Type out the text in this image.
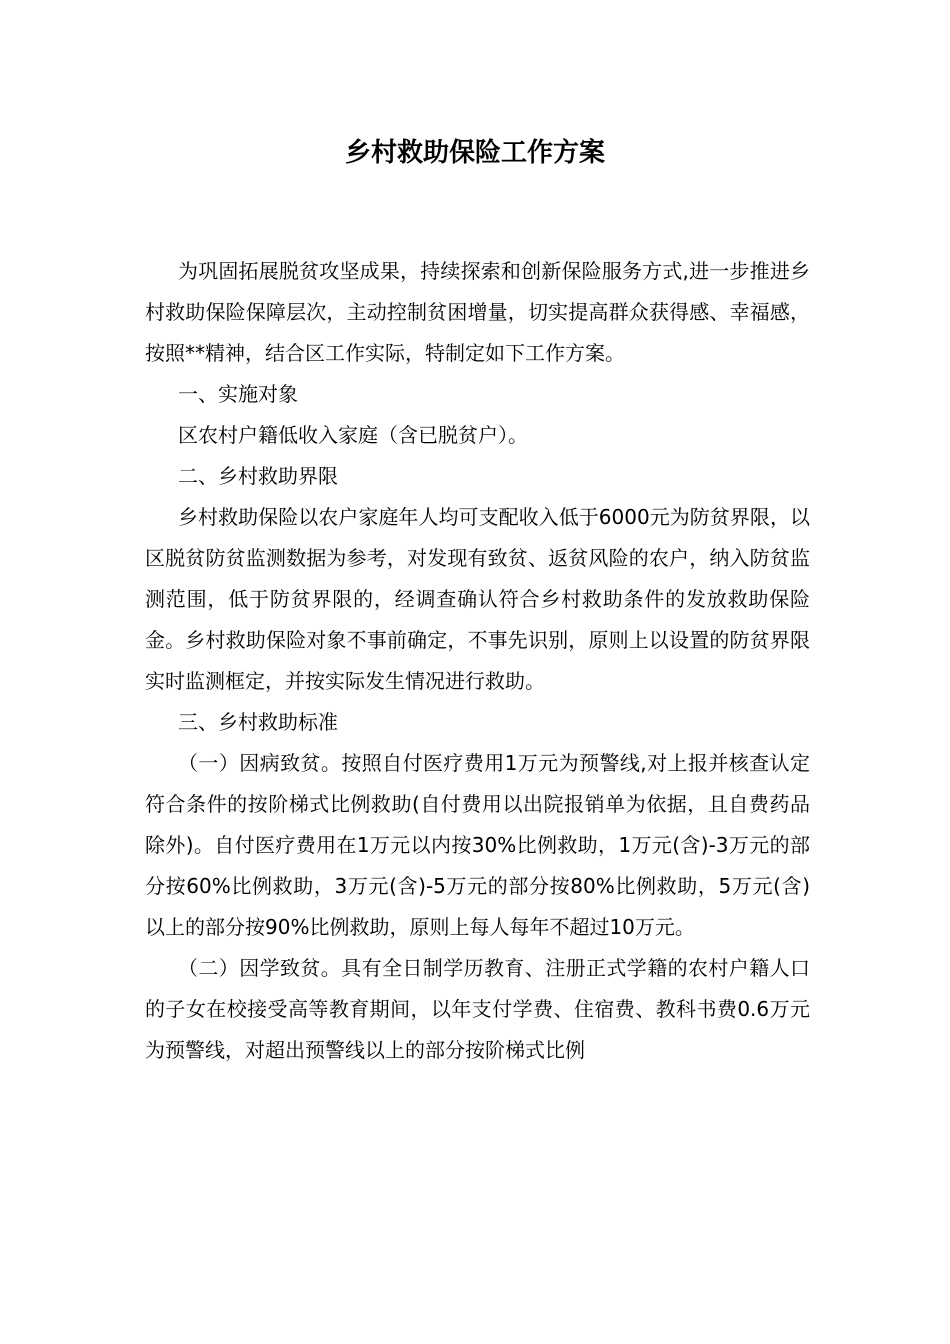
乡村救助保险工作方案

为巩固拓展脱贫攻坚成果，持续探索和创新保险服务方式,进一步推进乡村救助保险保障层次，主动控制贫困增量，切实提高群众获得感、幸福感，按照**精神，结合区工作实际，特制定如下工作方案。

一、实施对象

区农村户籍低收入家庭（含已脱贫户）。

二、乡村救助界限

乡村救助保险以农户家庭年人均可支配收入低于6000元为防贫界限，以区脱贫防贫监测数据为参考，对发现有致贫、返贫风险的农户，纳入防贫监测范围，低于防贫界限的，经调查确认符合乡村救助条件的发放救助保险金。乡村救助保险对象不事前确定，不事先识别，原则上以设置的防贫界限实时监测框定，并按实际发生情况进行救助。

三、乡村救助标准

（一）因病致贫。按照自付医疗费用1万元为预警线,对上报并核查认定符合条件的按阶梯式比例救助(自付费用以出院报销单为依据，且自费药品除外)。自付医疗费用在1万元以内按30%比例救助，1万元(含)-3万元的部分按60%比例救助，3万元(含)-5万元的部分按80%比例救助，5万元(含)以上的部分按90%比例救助，原则上每人每年不超过10万元。

（二）因学致贫。具有全日制学历教育、注册正式学籍的农村户籍人口的子女在校接受高等教育期间，以年支付学费、住宿费、教科书费0.6万元为预警线，对超出预警线以上的部分按阶梯式比例
